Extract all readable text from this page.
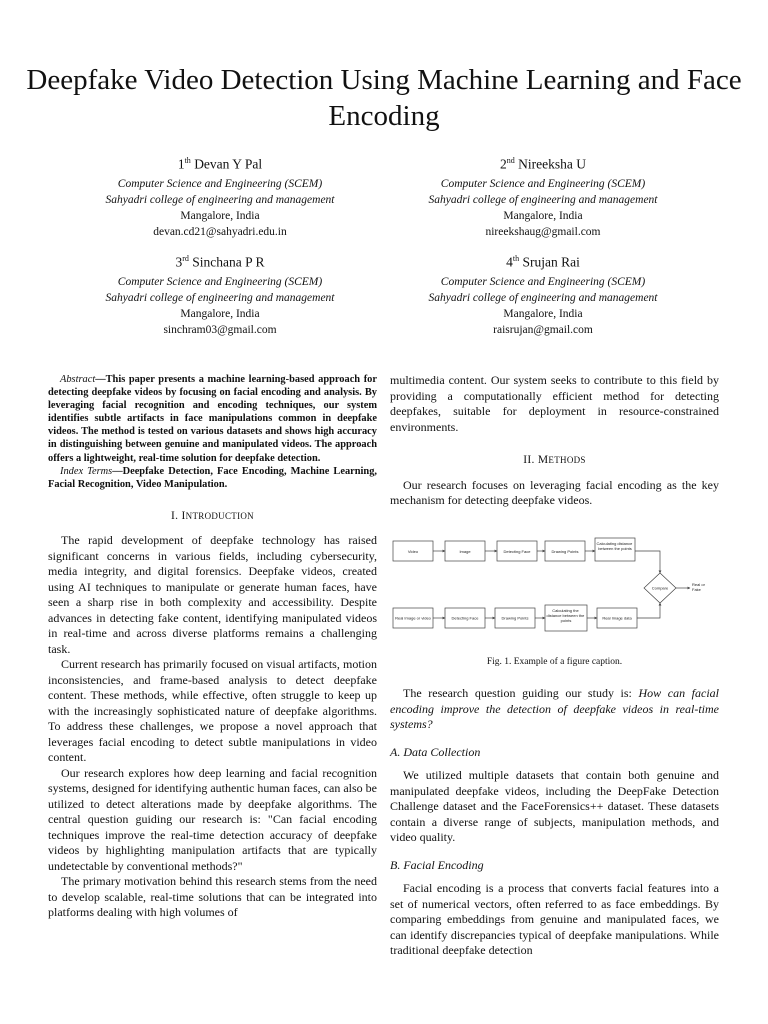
Deepfake Video Detection Using Machine Learning and Face Encoding
1th Devan Y Pal
Computer Science and Engineering (SCEM)
Sahyadri college of engineering and management
Mangalore, India
devan.cd21@sahyadri.edu.in
2nd Nireeksha U
Computer Science and Engineering (SCEM)
Sahyadri college of engineering and management
Mangalore, India
nireekshaug@gmail.com
3rd Sinchana P R
Computer Science and Engineering (SCEM)
Sahyadri college of engineering and management
Mangalore, India
sinchram03@gmail.com
4th Srujan Rai
Computer Science and Engineering (SCEM)
Sahyadri college of engineering and management
Mangalore, India
raisrujan@gmail.com

Abstract—This paper presents a machine learning-based approach for detecting deepfake videos by focusing on facial encoding and analysis. By leveraging facial recognition and encoding techniques, our system identifies subtle artifacts in face manipulations common in deepfake videos. The method is tested on various datasets and shows high accuracy in distinguishing between genuine and manipulated videos. The approach offers a lightweight, real-time solution for deepfake detection.

Index Terms—Deepfake Detection, Face Encoding, Machine Learning, Facial Recognition, Video Manipulation.

I. INTRODUCTION

The rapid development of deepfake technology has raised significant concerns in various fields, including cybersecurity, media integrity, and digital forensics. Deepfake videos, created using AI techniques to manipulate or generate human faces, have seen a sharp rise in both complexity and accessibility. Despite advances in detecting fake content, identifying manipulated videos in real-time and across diverse platforms remains a challenging task.

Current research has primarily focused on visual artifacts, motion inconsistencies, and frame-based analysis to detect deepfake content. These methods, while effective, often struggle to keep up with the increasingly sophisticated nature of deepfake algorithms. To address these challenges, we propose a novel approach that leverages facial encoding to detect subtle manipulations in video content.

Our research explores how deep learning and facial recognition systems, designed for identifying authentic human faces, can also be utilized to detect alterations made by deepfake algorithms. The central question guiding our research is: "Can facial encoding techniques improve the real-time detection accuracy of deepfake videos by highlighting manipulation artifacts that are typically undetectable by conventional methods?"

The primary motivation behind this research stems from the need to develop scalable, real-time solutions that can be integrated into platforms dealing with high volumes of

multimedia content. Our system seeks to contribute to this field by providing a computationally efficient method for detecting deepfakes, suitable for deployment in resource-constrained environments.

II. METHODS

Our research focuses on leveraging facial encoding as the key mechanism for detecting deepfake videos.

Video	Image	Detecting Face	Drawing Points
Calculating distance between the points
Compare
Real or Fake
Real Image or video	Detecting Face	Drawing Points
Calculating the distance between the points	Real Image data
Fig. 1. Example of a figure caption.

The research question guiding our study is: How can facial encoding improve the detection of deepfake videos in real-time systems?

A. Data Collection

We utilized multiple datasets that contain both genuine and manipulated deepfake videos, including the DeepFake Detection Challenge dataset and the FaceForensics++ dataset. These datasets contain a diverse range of subjects, manipulation methods, and video quality.

B. Facial Encoding

Facial encoding is a process that converts facial features into a set of numerical vectors, often referred to as face embeddings. By comparing embeddings from genuine and manipulated faces, we can identify discrepancies typical of deepfake manipulations. While traditional deepfake detection
